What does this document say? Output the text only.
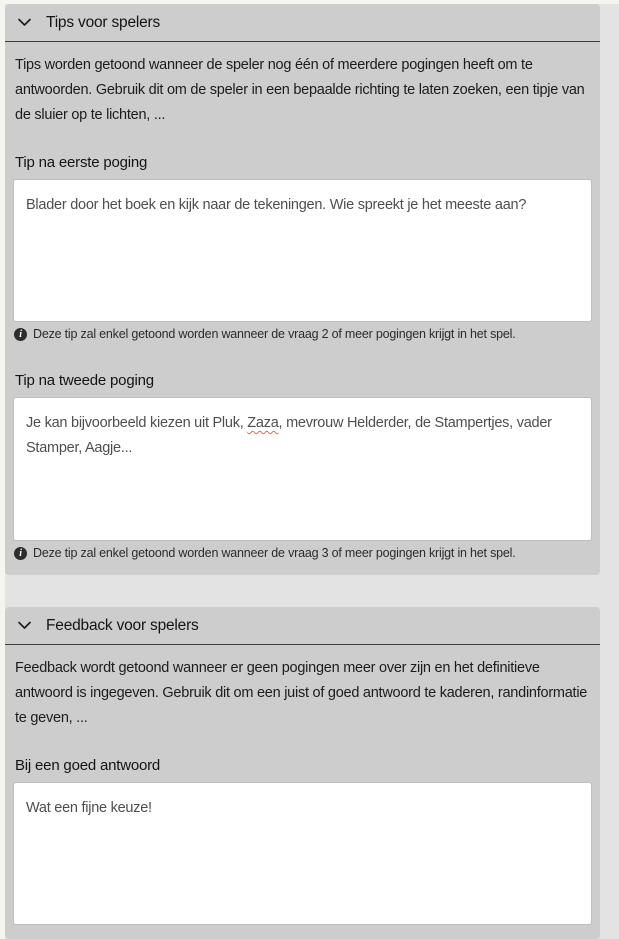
Tips voor spelers

Tips worden getoond wanneer de speler nog één of meerdere pogingen heeft om te antwoorden. Gebruik dit om de speler in een bepaalde richting te laten zoeken, een tipje van de sluier op te lichten, ...

Tip na eerste poging
Blader door het boek en kijk naar de tekeningen. Wie spreekt je het meeste aan?
i
Deze tip zal enkel getoond worden wanneer de vraag 2 of meer pogingen krijgt in het spel.
Tip na tweede poging
Je kan bijvoorbeeld kiezen uit Pluk, Zaza, mevrouw Helderder, de Stampertjes, vader Stamper, Aagje...
i
Deze tip zal enkel getoond worden wanneer de vraag 3 of meer pogingen krijgt in het spel.
Feedback voor spelers

Feedback wordt getoond wanneer er geen pogingen meer over zijn en het definitieve antwoord is ingegeven. Gebruik dit om een juist of goed antwoord te kaderen, randinformatie te geven, ...

Bij een goed antwoord
Wat een fijne keuze!
